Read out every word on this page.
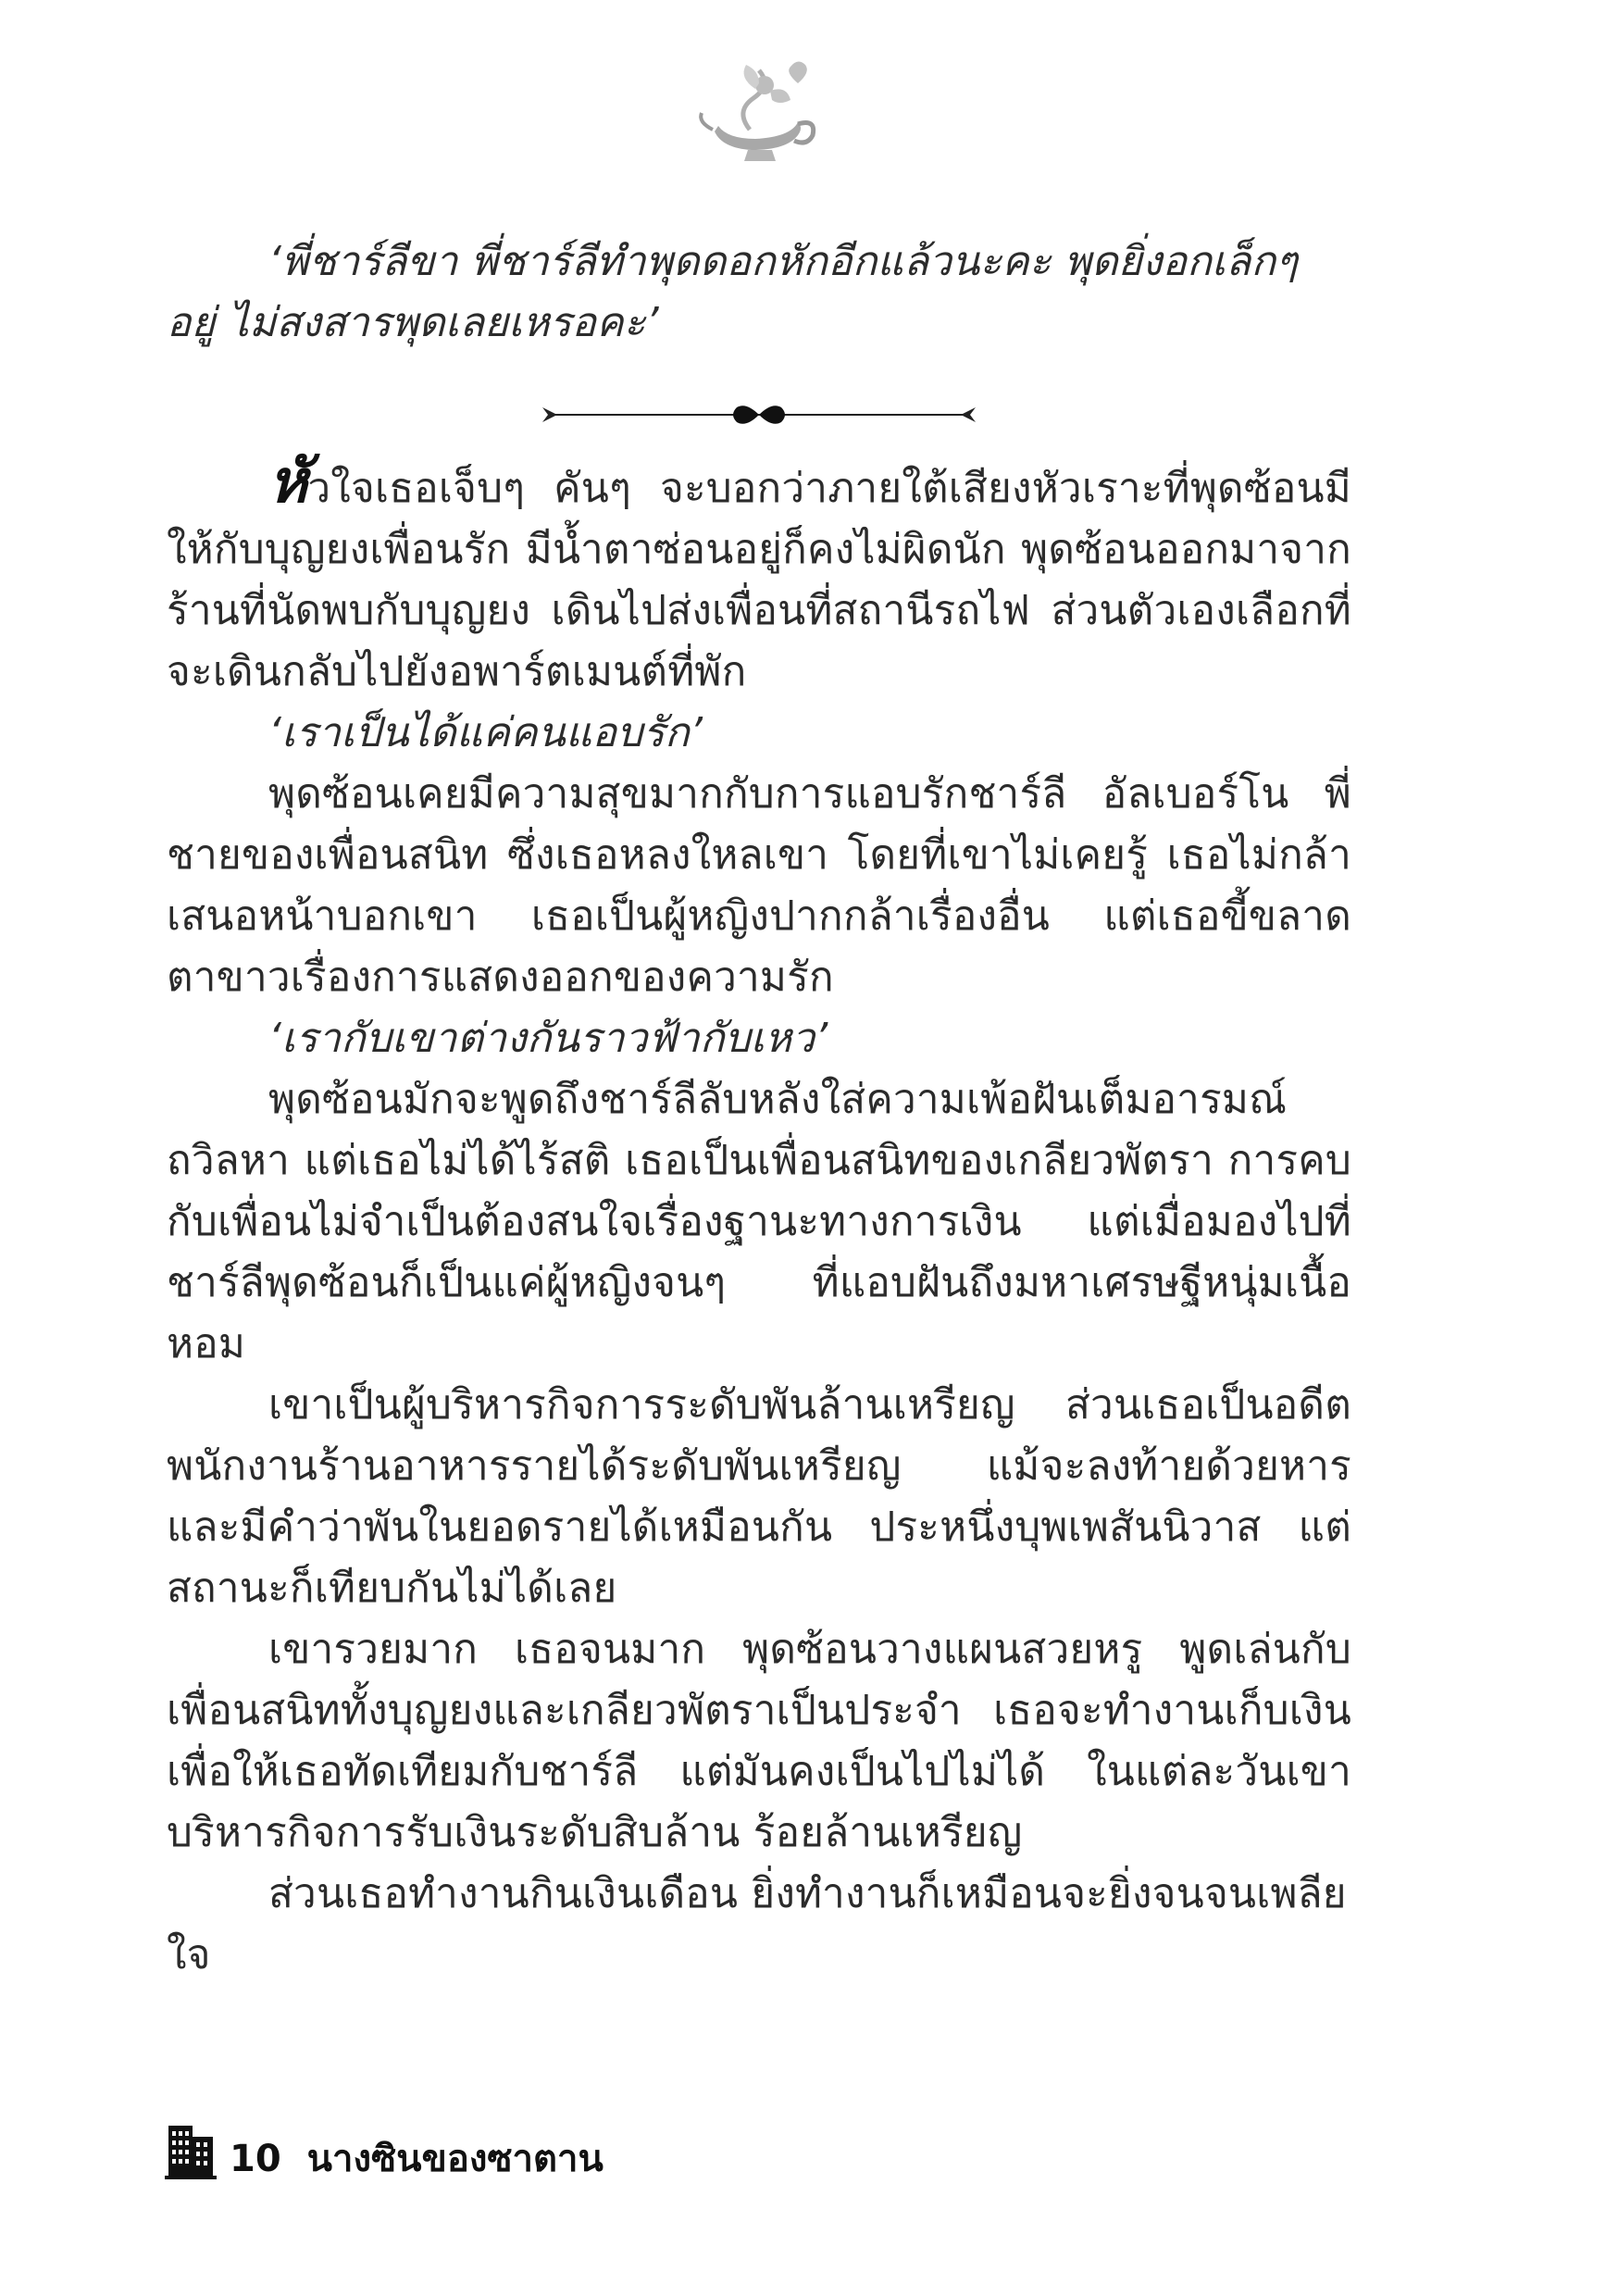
‘พี่ชาร์ลีขา พี่ชาร์ลีทำพุดดอกหักอีกแล้วนะคะ พุดยิ่งอกเล็กๆ อยู่ ไม่สงสารพุดเลยเหรอคะ’

หัวใจเธอเจ็บๆ คันๆ จะบอกว่าภายใต้เสียงหัวเราะที่พุดซ้อนมีให้กับบุญยงเพื่อนรัก มีน้ำตาซ่อนอยู่ก็คงไม่ผิดนัก พุดซ้อนออกมาจากร้านที่นัดพบกับบุญยง เดินไปส่งเพื่อนที่สถานีรถไฟ ส่วนตัวเองเลือกที่จะเดินกลับไปยังอพาร์ตเมนต์ที่พัก

‘เราเป็นได้แค่คนแอบรัก’

พุดซ้อนเคยมีความสุขมากกับการแอบรักชาร์ลี อัลเบอร์โน พี่ชายของเพื่อนสนิท ซึ่งเธอหลงใหลเขา โดยที่เขาไม่เคยรู้ เธอไม่กล้าเสนอหน้าบอกเขา เธอเป็นผู้หญิงปากกล้าเรื่องอื่น แต่เธอขี้ขลาดตาขาวเรื่องการแสดงออกของความรัก

‘เรากับเขาต่างกันราวฟ้ากับเหว’

พุดซ้อนมักจะพูดถึงชาร์ลีลับหลังใส่ความเพ้อฝันเต็มอารมณ์ถวิลหา แต่เธอไม่ได้ไร้สติ เธอเป็นเพื่อนสนิทของเกลียวพัตรา การคบกับเพื่อนไม่จำเป็นต้องสนใจเรื่องฐานะทางการเงิน แต่เมื่อมองไปที่ชาร์ลีพุดซ้อนก็เป็นแค่ผู้หญิงจนๆ ที่แอบฝันถึงมหาเศรษฐีหนุ่มเนื้อหอม

เขาเป็นผู้บริหารกิจการระดับพันล้านเหรียญ ส่วนเธอเป็นอดีตพนักงานร้านอาหารรายได้ระดับพันเหรียญ แม้จะลงท้ายด้วยหาร และมีคำว่าพันในยอดรายได้เหมือนกัน ประหนึ่งบุพเพสันนิวาส แต่สถานะก็เทียบกันไม่ได้เลย

เขารวยมาก เธอจนมาก พุดซ้อนวางแผนสวยหรู พูดเล่นกับเพื่อนสนิททั้งบุญยงและเกลียวพัตราเป็นประจำ เธอจะทำงานเก็บเงินเพื่อให้เธอทัดเทียมกับชาร์ลี แต่มันคงเป็นไปไม่ได้ ในแต่ละวันเขาบริหารกิจการรับเงินระดับสิบล้าน ร้อยล้านเหรียญ

ส่วนเธอทำงานกินเงินเดือน ยิ่งทำงานก็เหมือนจะยิ่งจนจนเพลียใจ

10 นางซินของซาตาน
